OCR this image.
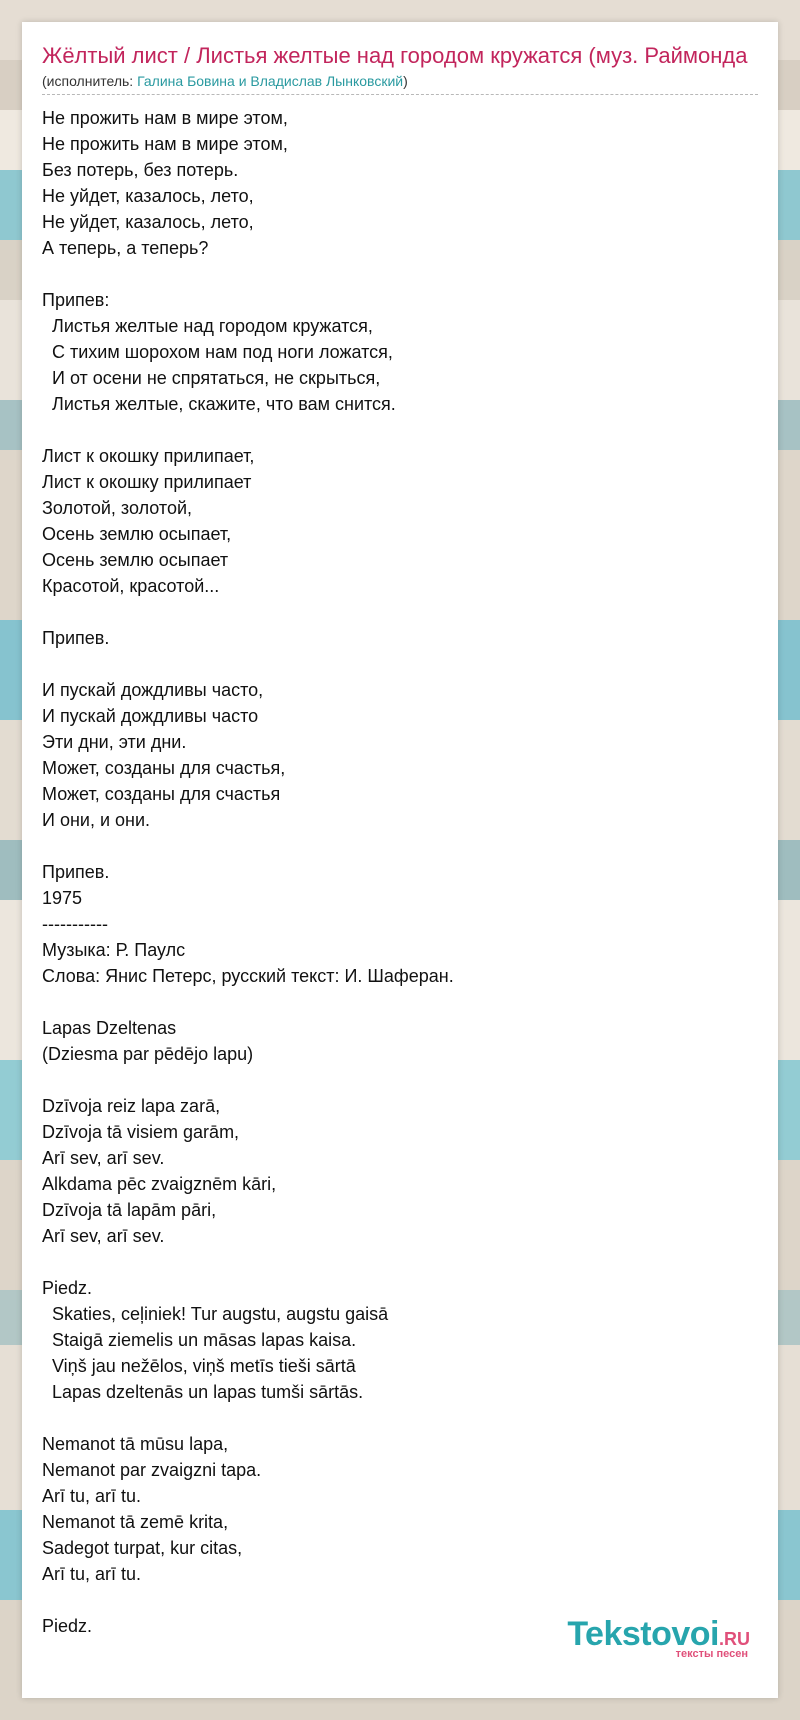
Жёлтый лист / Листья желтые над городом кружатся (муз. Раймонда
(исполнитель: Галина Бовина и Владислав Лынковский)
Не прожить нам в мире этом,
Не прожить нам в мире этом,
Без потерь, без потерь.
Не уйдет, казалось, лето,
Не уйдет, казалось, лето,
А теперь, а теперь?
Припев:
Листья желтые над городом кружатся,
С тихим шорохом нам под ноги ложатся,
И от осени не спрятаться, не скрыться,
Листья желтые, скажите, что вам снится.
Лист к окошку прилипает,
Лист к окошку прилипает
Золотой, золотой,
Осень землю осыпает,
Осень землю осыпает
Красотой, красотой...
Припев.
И пускай дождливы часто,
И пускай дождливы часто
Эти дни, эти дни.
Может, созданы для счастья,
Может, созданы для счастья
И они, и они.
Припев.
1975
-----------
Музыка: Р. Паулс
Слова: Янис Петерс, русский текст: И. Шаферан.
Lapas Dzeltenas
(Dziesma par pēdējo lapu)
Dzīvoja reiz lapa zarā,
Dzīvoja tā visiem garām,
Arī sev, arī sev.
Alkdama pēc zvaigznēm kāri,
Dzīvoja tā lapām pāri,
Arī sev, arī sev.
Piedz.
Skaties, ceļiniek! Tur augstu, augstu gaisā
Staigā ziemelis un māsas lapas kaisa.
Viņš jau nežēlos, viņš metīs tieši sārtā
Lapas dzeltenās un lapas tumši sārtās.
Nemanot tā mūsu lapa,
Nemanot par zvaigzni tapa.
Arī tu, arī tu.
Nemanot tā zemē krita,
Sadegot turpat, kur citas,
Arī tu, arī tu.
Piedz.	Tekstovoi.RU
тексты песен
